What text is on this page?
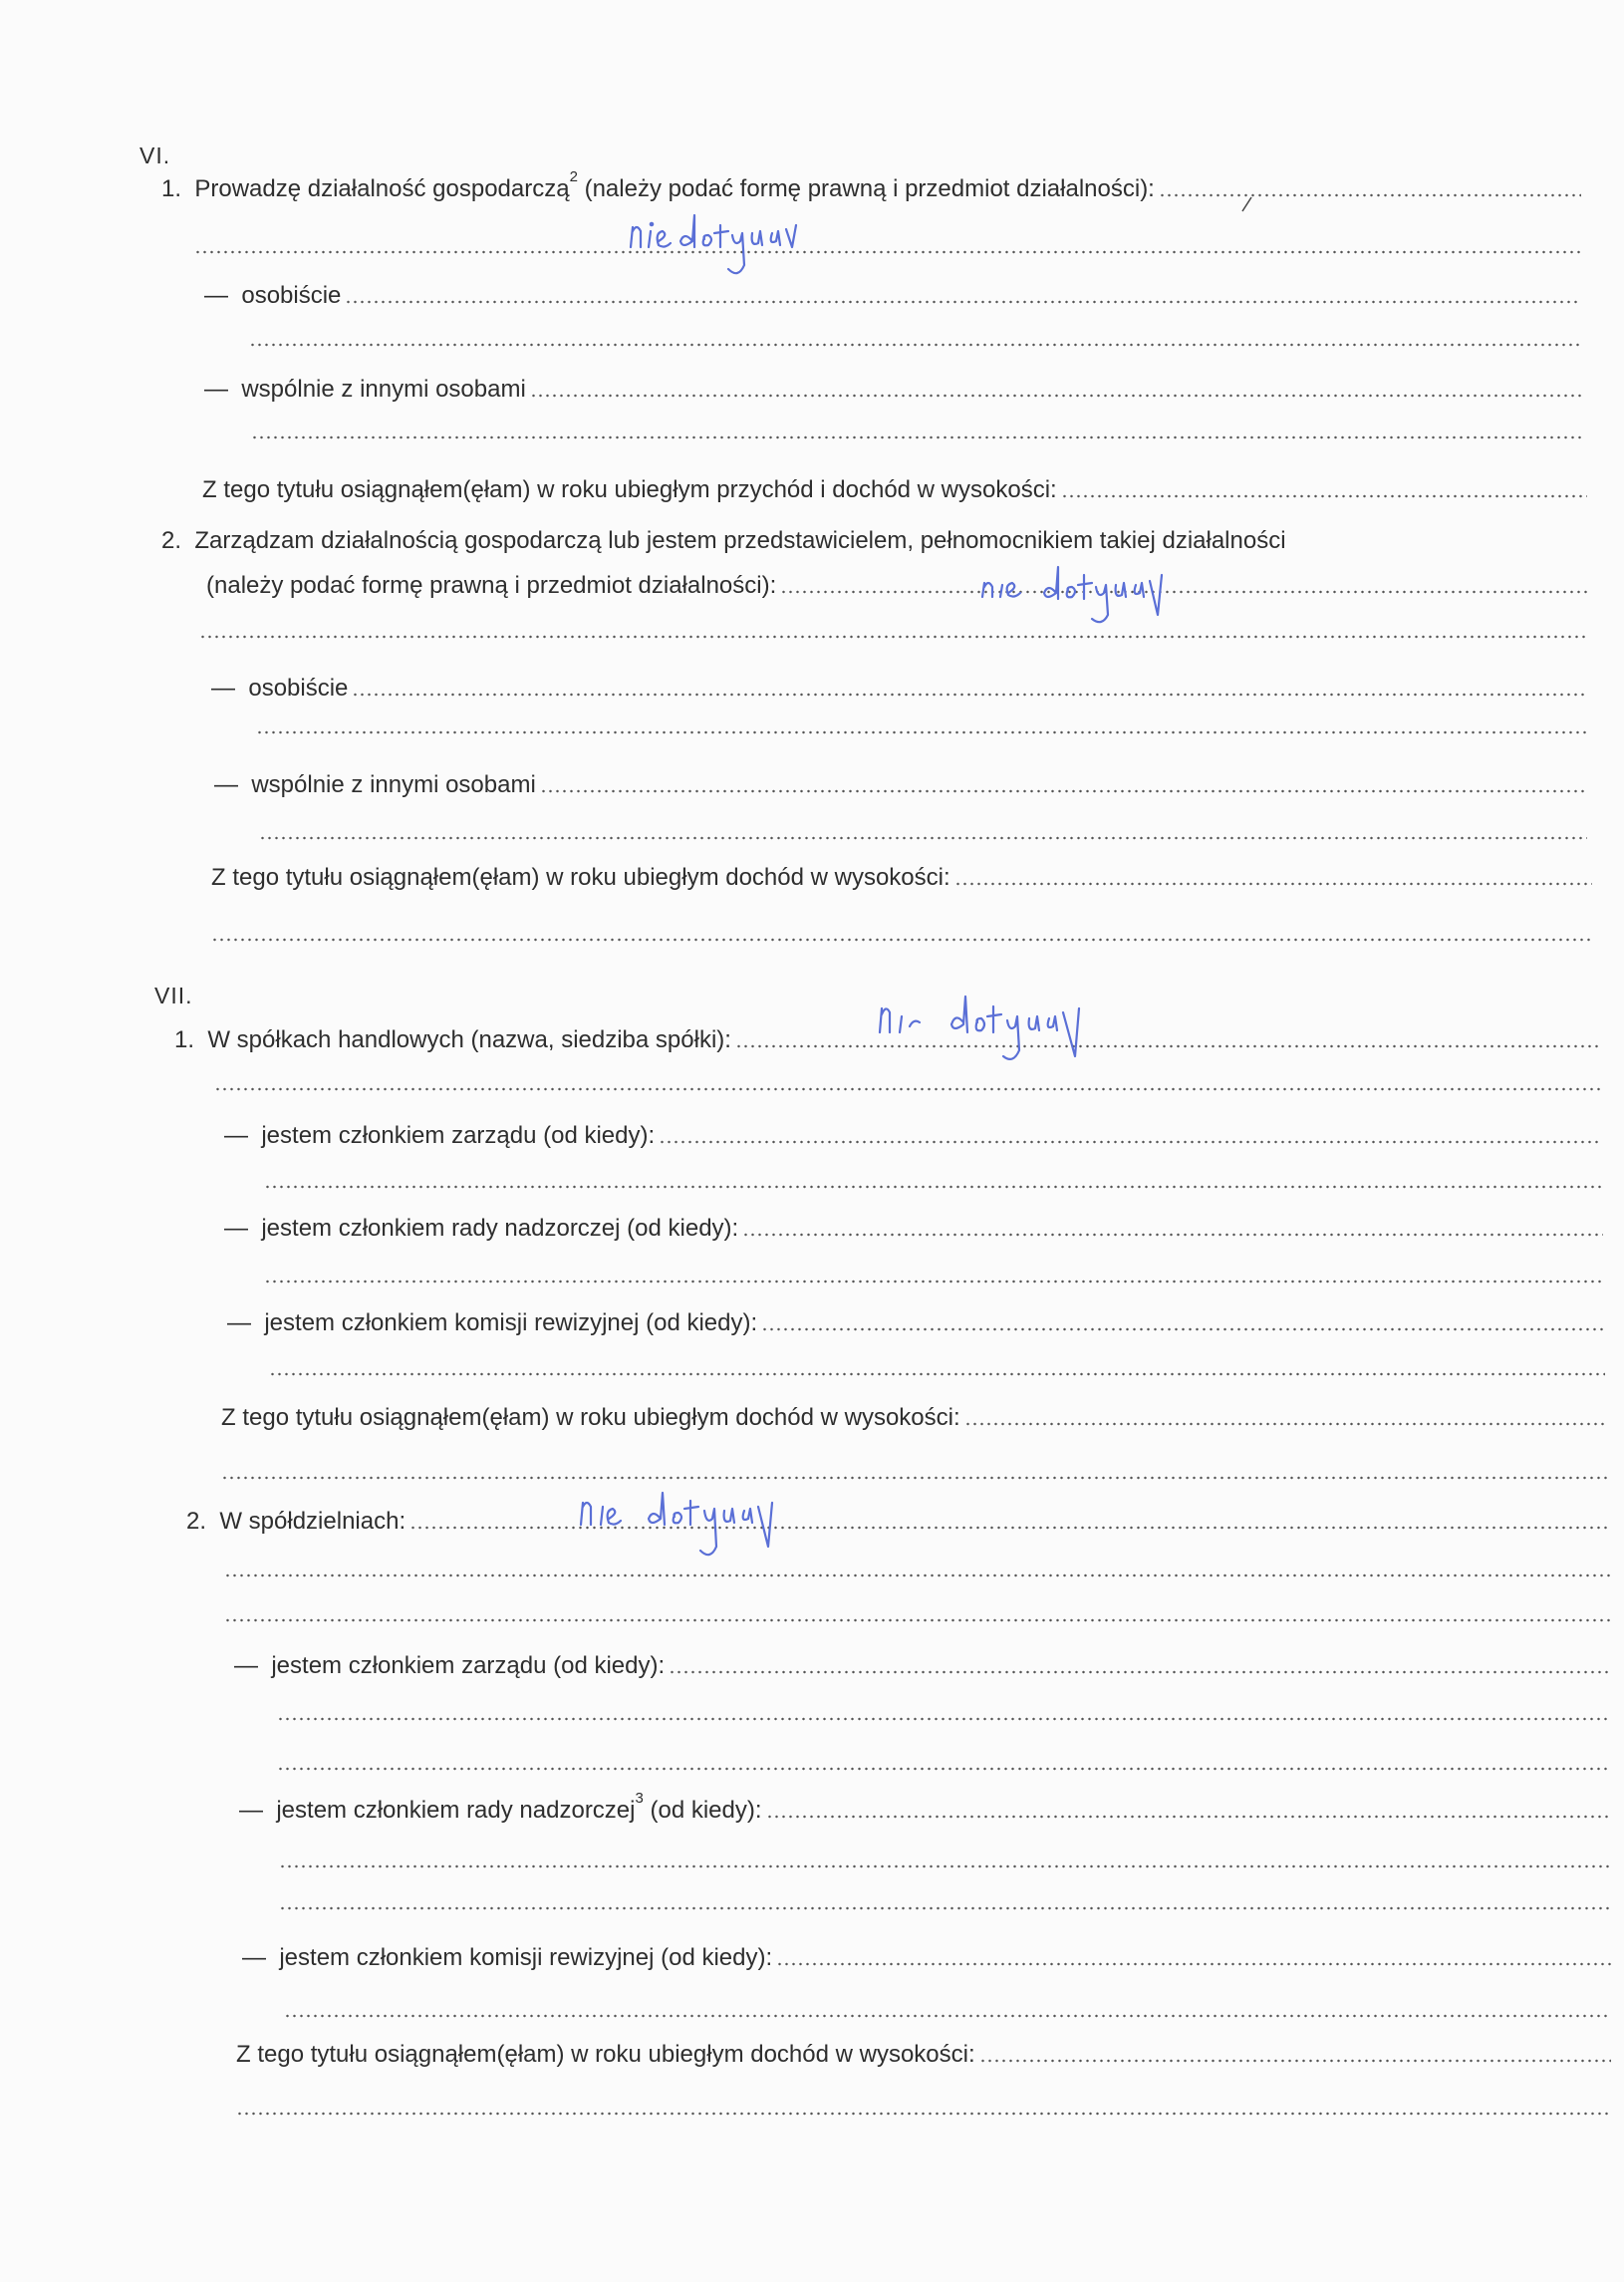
VI.
1.
Prowadzę działalność gospodarczą$^2$ (należy podać formę prawną i przedmiot działalności):
—
osobiście
—
wspólnie z innymi osobami
Z tego tytułu osiągnąłem(ęłam) w roku ubiegłym przychód i dochód w wysokości:
2. Zarządzam działalnością gospodarczą lub jestem przedstawicielem, pełnomocnikiem takiej działalności
(należy podać formę prawną i przedmiot działalności):
—
osobiście
—
wspólnie z innymi osobami
Z tego tytułu osiągnąłem(ęłam) w roku ubiegłym dochód w wysokości:
VII.
1.
W spółkach handlowych (nazwa, siedziba spółki):
—
jestem członkiem zarządu (od kiedy):
—
jestem członkiem rady nadzorczej (od kiedy):
—
jestem członkiem komisji rewizyjnej (od kiedy):
Z tego tytułu osiągnąłem(ęłam) w roku ubiegłym dochód w wysokości:
2.
W spółdzielniach:
—
jestem członkiem zarządu (od kiedy):
—
jestem członkiem rady nadzorczej$^3$ (od kiedy):
—
jestem członkiem komisji rewizyjnej (od kiedy):
Z tego tytułu osiągnąłem(ęłam) w roku ubiegłym dochód w wysokości:
